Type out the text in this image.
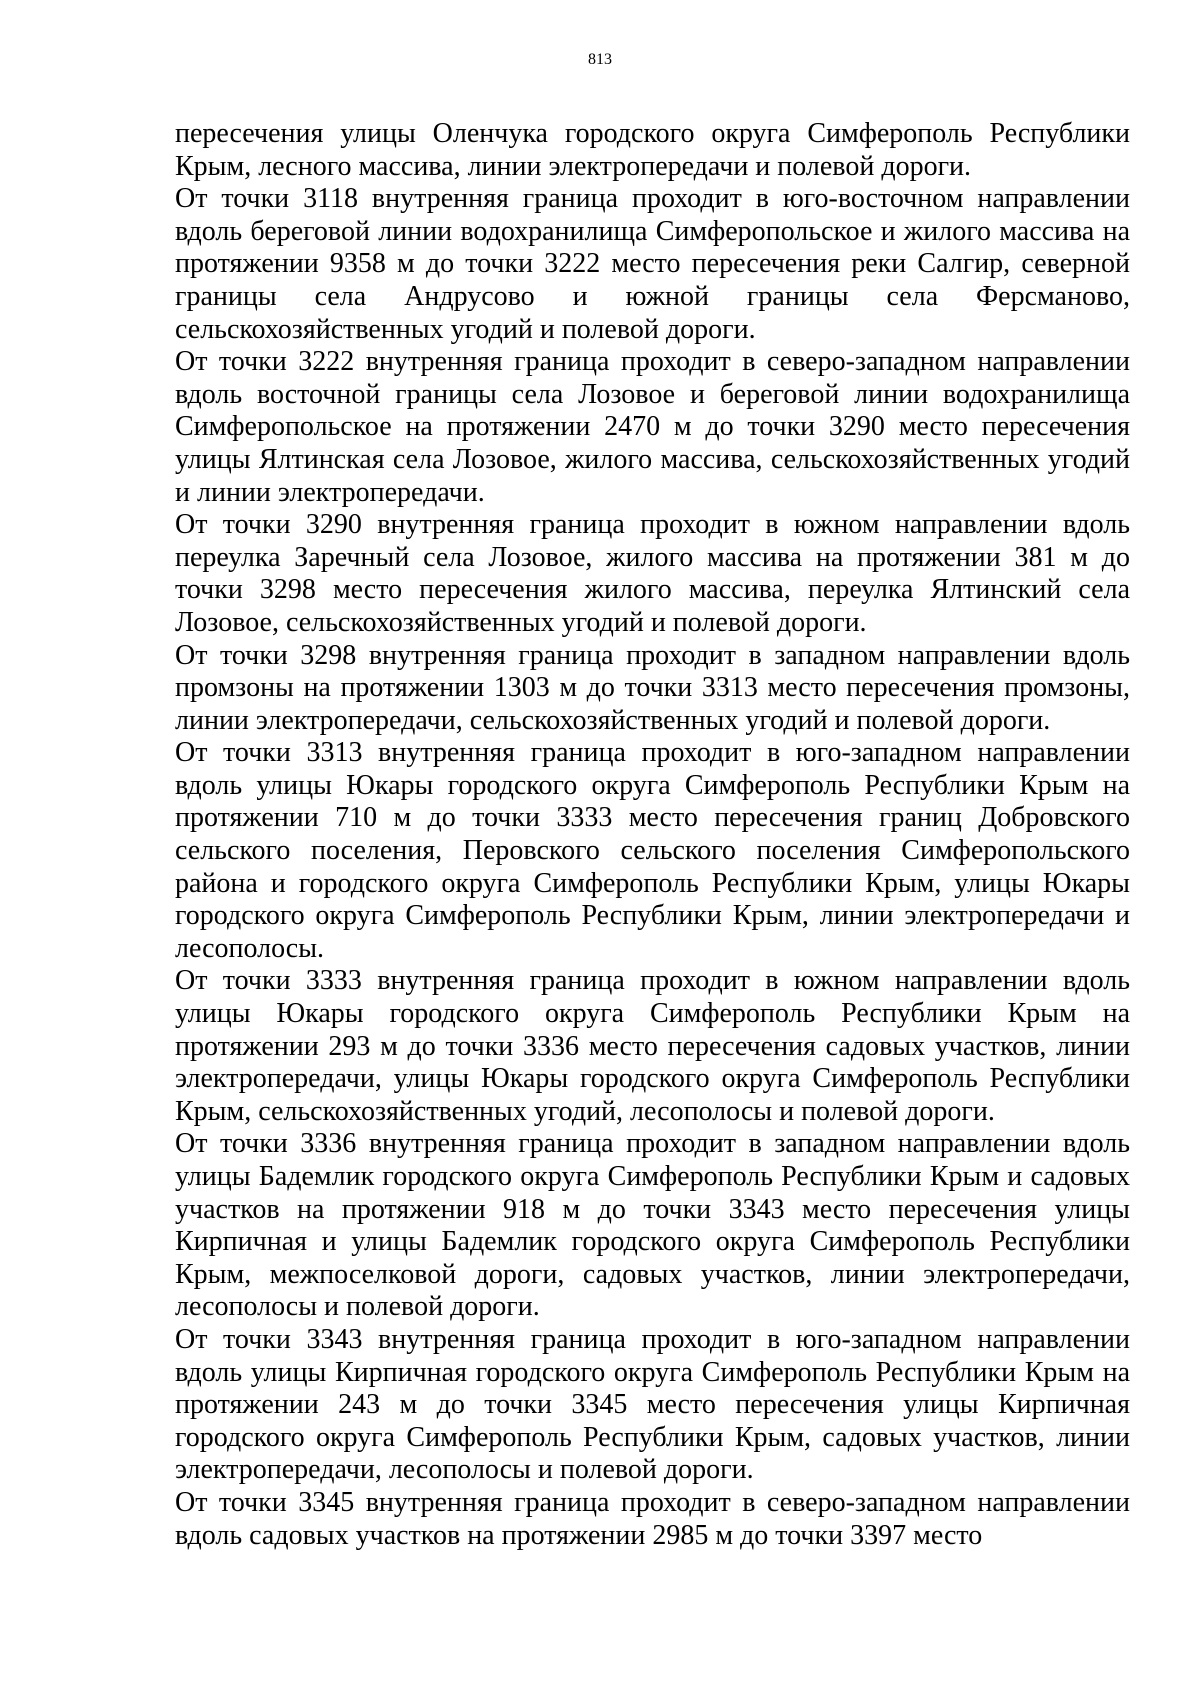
813

пересечения улицы Оленчука городского округа Симферополь Республики Крым, лесного массива, линии электропередачи и полевой дороги.

От точки 3118 внутренняя граница проходит в юго-восточном направлении вдоль береговой линии водохранилища Симферопольское и жилого массива на протяжении 9358 м до точки 3222 место пересечения реки Салгир, северной границы села Андрусово и южной границы села Ферсманово, сельскохозяйственных угодий и полевой дороги.

От точки 3222 внутренняя граница проходит в северо-западном направлении вдоль восточной границы села Лозовое и береговой линии водохранилища Симферопольское на протяжении 2470 м до точки 3290 место пересечения улицы Ялтинская села Лозовое, жилого массива, сельскохозяйственных угодий и линии электропередачи.

От точки 3290 внутренняя граница проходит в южном направлении вдоль переулка Заречный села Лозовое, жилого массива на протяжении 381 м до точки 3298 место пересечения жилого массива, переулка Ялтинский села Лозовое, сельскохозяйственных угодий и полевой дороги.

От точки 3298 внутренняя граница проходит в западном направлении вдоль промзоны на протяжении 1303 м до точки 3313 место пересечения промзоны, линии электропередачи, сельскохозяйственных угодий и полевой дороги.

От точки 3313 внутренняя граница проходит в юго-западном направлении вдоль улицы Юкары городского округа Симферополь Республики Крым на протяжении 710 м до точки 3333 место пересечения границ Добровского сельского поселения, Перовского сельского поселения Симферопольского района и городского округа Симферополь Республики Крым, улицы Юкары городского округа Симферополь Республики Крым, линии электропередачи и лесополосы.

От точки 3333 внутренняя граница проходит в южном направлении вдоль улицы Юкары городского округа Симферополь Республики Крым на протяжении 293 м до точки 3336 место пересечения садовых участков, линии электропередачи, улицы Юкары городского округа Симферополь Республики Крым, сельскохозяйственных угодий, лесополосы и полевой дороги.

От точки 3336 внутренняя граница проходит в западном направлении вдоль улицы Бадемлик городского округа Симферополь Республики Крым и садовых участков на протяжении 918 м до точки 3343 место пересечения улицы Кирпичная и улицы Бадемлик городского округа Симферополь Республики Крым, межпоселковой дороги, садовых участков, линии электропередачи, лесополосы и полевой дороги.

От точки 3343 внутренняя граница проходит в юго-западном направлении вдоль улицы Кирпичная городского округа Симферополь Республики Крым на протяжении 243 м до точки 3345 место пересечения улицы Кирпичная городского округа Симферополь Республики Крым, садовых участков, линии электропередачи, лесополосы и полевой дороги.

От точки 3345 внутренняя граница проходит в северо-западном направлении вдоль садовых участков на протяжении 2985 м до точки 3397 место
